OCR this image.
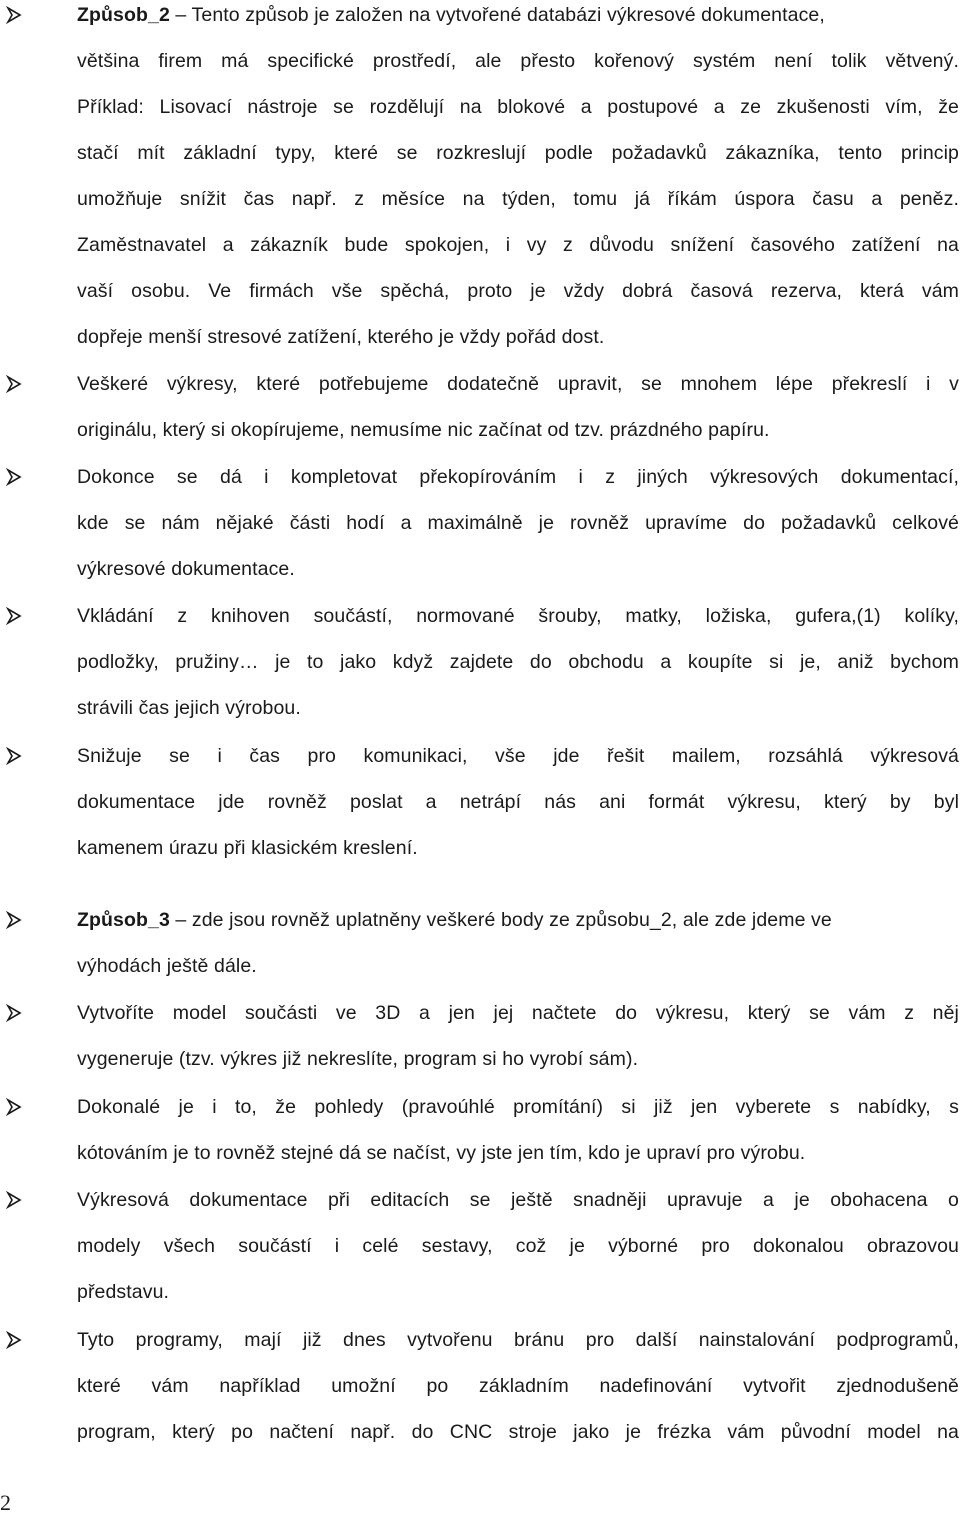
Způsob_2 – Tento způsob je založen na vytvořené databázi výkresové dokumentace,
většina firem má specifické prostředí, ale přesto kořenový systém není tolik větvený.
Příklad: Lisovací nástroje se rozdělují na blokové a postupové a ze zkušenosti vím, že
stačí mít základní typy, které se rozkreslují podle požadavků zákazníka, tento princip
umožňuje snížit čas např. z měsíce na týden, tomu já říkám úspora času a peněz.
Zaměstnavatel a zákazník bude spokojen, i vy z důvodu snížení časového zatížení na
vaší osobu. Ve firmách vše spěchá, proto je vždy dobrá časová rezerva, která vám
dopřeje menší stresové zatížení, kterého je vždy pořád dost.
Veškeré výkresy, které potřebujeme dodatečně upravit, se mnohem lépe překreslí i v
originálu, který si okopírujeme, nemusíme nic začínat od tzv. prázdného papíru.
Dokonce se dá i kompletovat překopírováním i z jiných výkresových dokumentací,
kde se nám nějaké části hodí a maximálně je rovněž upravíme do požadavků celkové
výkresové dokumentace.
Vkládání z knihoven součástí, normované šrouby, matky, ložiska, gufera,(1) kolíky,
podložky, pružiny… je to jako když zajdete do obchodu a koupíte si je, aniž bychom
strávili čas jejich výrobou.
Snižuje se i čas pro komunikaci, vše jde řešit mailem, rozsáhlá výkresová
dokumentace jde rovněž poslat a netrápí nás ani formát výkresu, který by byl
kamenem úrazu při klasickém kreslení.
Způsob_3 – zde jsou rovněž uplatněny veškeré body ze způsobu_2, ale zde jdeme ve
výhodách ještě dále.
Vytvoříte model součásti ve 3D a jen jej načtete do výkresu, který se vám z něj
vygeneruje (tzv. výkres již nekreslíte, program si ho vyrobí sám).
Dokonalé je i to, že pohledy (pravoúhlé promítání) si již jen vyberete s nabídky, s
kótováním je to rovněž stejné dá se načíst, vy jste jen tím, kdo je upraví pro výrobu.
Výkresová dokumentace při editacích se ještě snadněji upravuje a je obohacena o
modely všech součástí i celé sestavy, což je výborné pro dokonalou obrazovou
představu.
Tyto programy, mají již dnes vytvořenu bránu pro další nainstalování podprogramů,
které vám například umožní po základním nadefinování vytvořit zjednodušeně
program, který po načtení např. do CNC stroje jako je frézka vám původní model na
2
